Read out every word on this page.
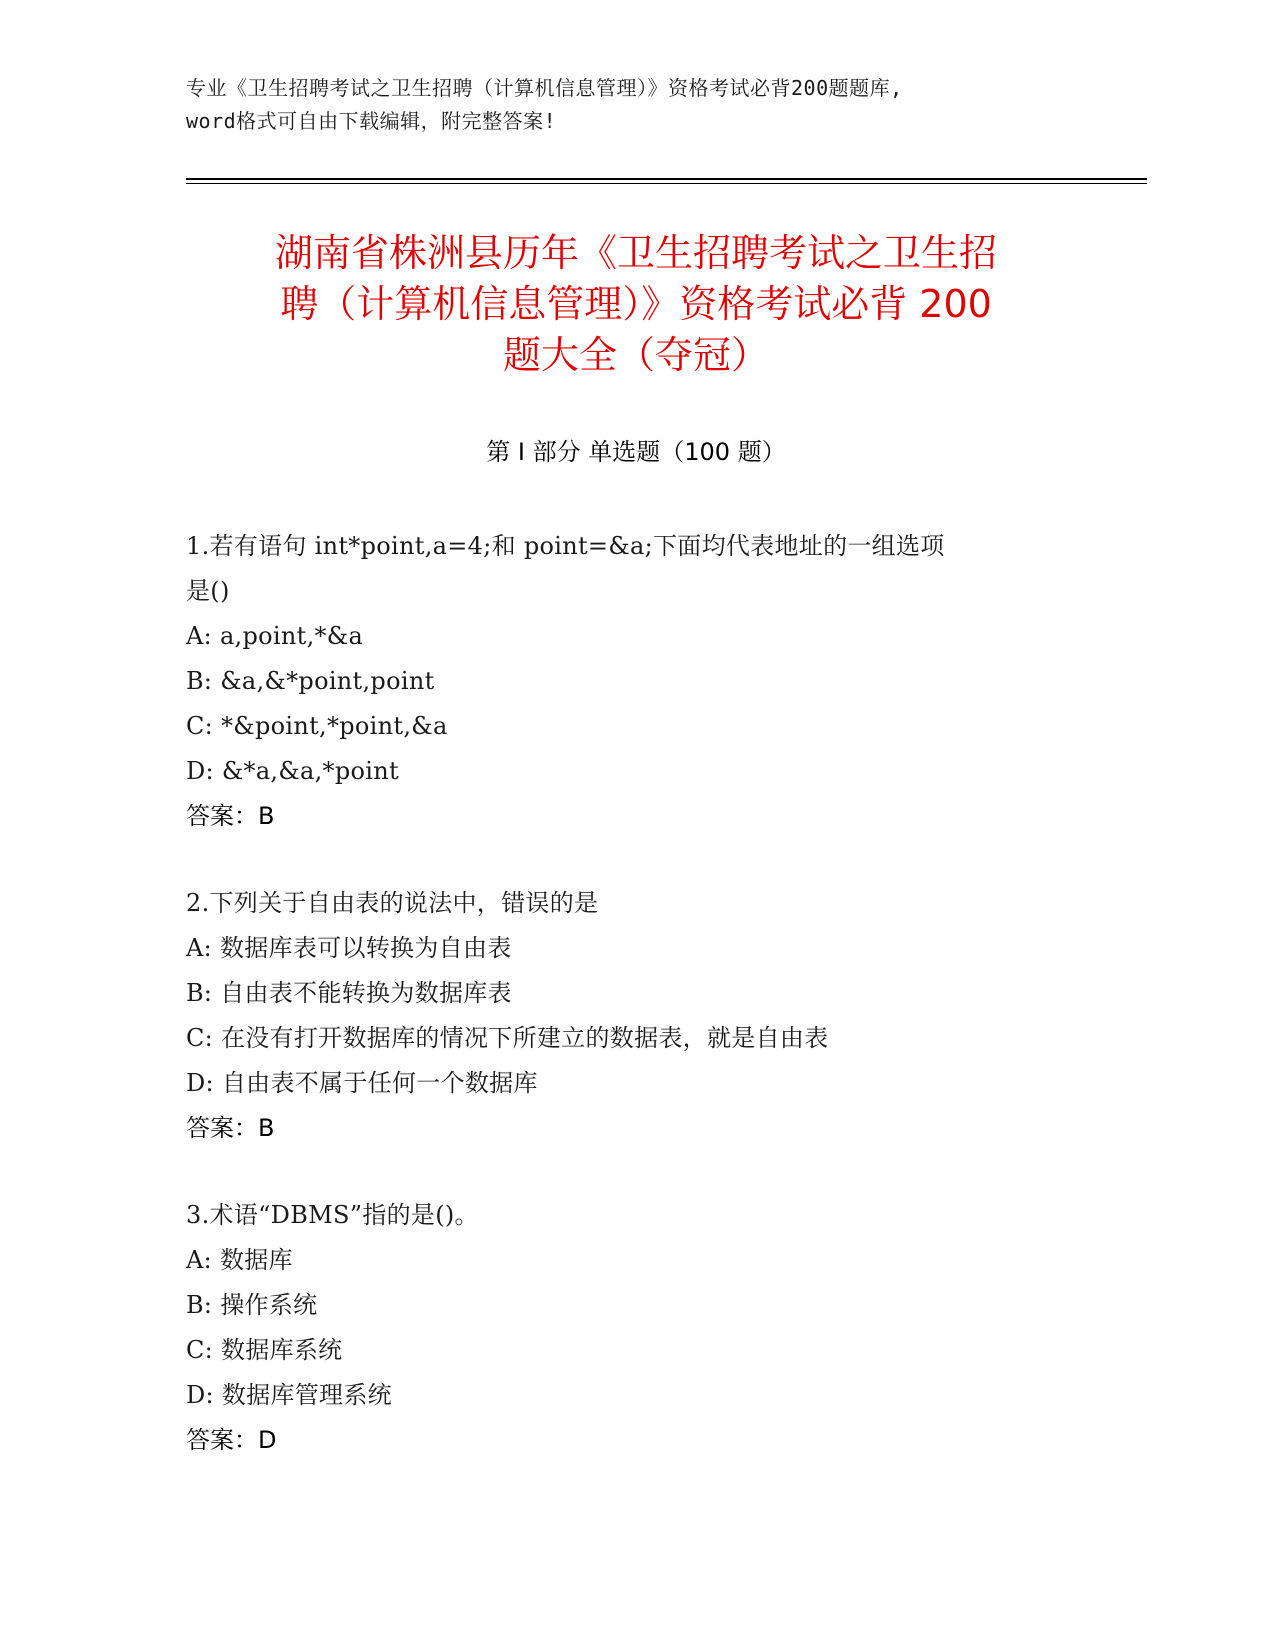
专业《卫生招聘考试之卫生招聘（计算机信息管理）》资格考试必背200题题库,
word格式可自由下载编辑，附完整答案!
湖南省株洲县历年《卫生招聘考试之卫生招
聘（计算机信息管理）》资格考试必背 200
题大全（夺冠）
第 I 部分 单选题（100 题）

1.若有语句 int*point,a=4;和 point=&a;下面均代表地址的一组选项

是()

A: a,point,*&a

B: &a,&*point,point

C: *&point,*point,&a

D: &*a,&a,*point

答案：B

2.下列关于自由表的说法中，错误的是

A: 数据库表可以转换为自由表

B: 自由表不能转换为数据库表

C: 在没有打开数据库的情况下所建立的数据表，就是自由表

D: 自由表不属于任何一个数据库

答案：B

3.术语“DBMS”指的是()。

A: 数据库

B: 操作系统

C: 数据库系统

D: 数据库管理系统

答案：D
